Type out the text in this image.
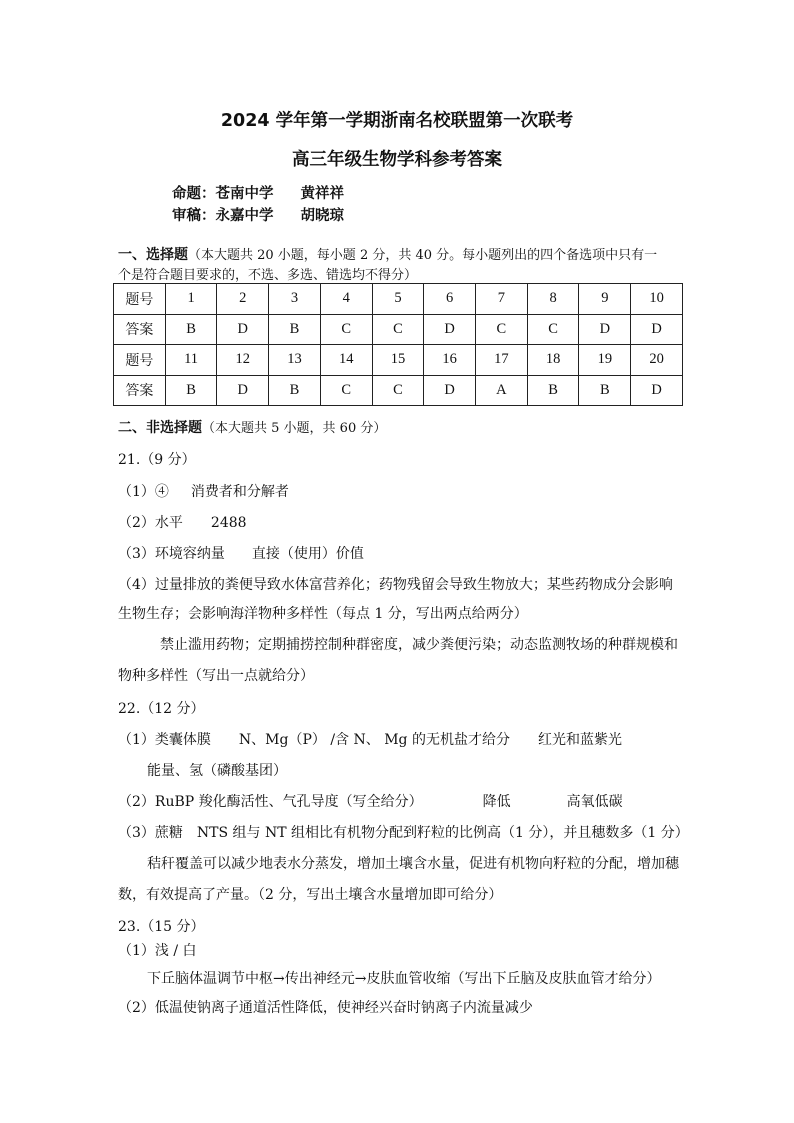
2024 学年第一学期浙南名校联盟第一次联考
高三年级生物学科参考答案
命题：苍南中学 黄祥祥
审稿：永嘉中学 胡晓琼
一、选择题（本大题共 20 小题，每小题 2 分，共 40 分。每小题列出的四个备选项中只有一
个是符合题目要求的，不选、多选、错选均不得分）
题号	1	2	3	4	5	6	7	8	9	10
答案	B	D	B	C	C	D	C	C	D	D
题号	11	12	13	14	15	16	17	18	19	20
答案	B	D	B	C	C	D	A	B	B	D
二、非选择题（本大题共 5 小题，共 60 分）
21.（9 分）
（1）④ 消费者和分解者
（2）水平 2488
（3）环境容纳量 直接（使用）价值
（4）过量排放的粪便导致水体富营养化；药物残留会导致生物放大；某些药物成分会影响
生物生存；会影响海洋物种多样性（每点 1 分，写出两点给两分）
禁止滥用药物；定期捕捞控制种群密度，减少粪便污染；动态监测牧场的种群规模和
物种多样性（写出一点就给分）
22.（12 分）
（1）类囊体膜 N、Mg（P） /含 N、 Mg 的无机盐才给分 红光和蓝紫光
能量、氢（磷酸基团）
（2）RuBP 羧化酶活性、气孔导度（写全给分）	降低	高氧低碳
（3）蔗糖　NTS 组与 NT 组相比有机物分配到籽粒的比例高（1 分），并且穗数多（1 分）
秸秆覆盖可以减少地表水分蒸发，增加土壤含水量，促进有机物向籽粒的分配，增加穗
数，有效提高了产量。（2 分，写出土壤含水量增加即可给分）
23.（15 分）
（1）浅 / 白
下丘脑体温调节中枢→传出神经元→皮肤血管收缩（写出下丘脑及皮肤血管才给分）
（2）低温使钠离子通道活性降低，使神经兴奋时钠离子内流量减少
